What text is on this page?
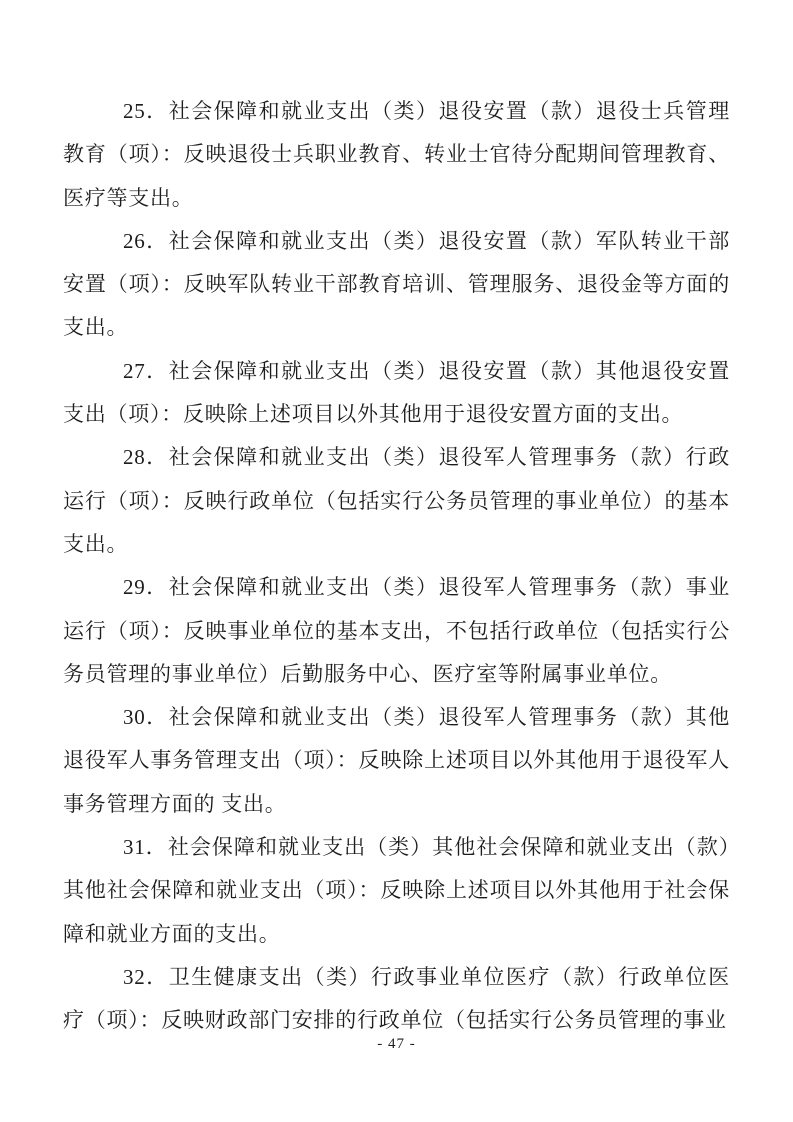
25．社会保障和就业支出（类）退役安置（款）退役士兵管理教育（项）：反映退役士兵职业教育、转业士官待分配期间管理教育、医疗等支出。

26．社会保障和就业支出（类）退役安置（款）军队转业干部安置（项）：反映军队转业干部教育培训、管理服务、退役金等方面的支出。

27．社会保障和就业支出（类）退役安置（款）其他退役安置支出（项）：反映除上述项目以外其他用于退役安置方面的支出。

28．社会保障和就业支出（类）退役军人管理事务（款）行政运行（项）：反映行政单位（包括实行公务员管理的事业单位）的基本支出。

29．社会保障和就业支出（类）退役军人管理事务（款）事业运行（项）：反映事业单位的基本支出，不包括行政单位（包括实行公务员管理的事业单位）后勤服务中心、医疗室等附属事业单位。

30．社会保障和就业支出（类）退役军人管理事务（款）其他退役军人事务管理支出（项）：反映除上述项目以外其他用于退役军人事务管理方面的 支出。

31．社会保障和就业支出（类）其他社会保障和就业支出（款）其他社会保障和就业支出（项）：反映除上述项目以外其他用于社会保障和就业方面的支出。

32．卫生健康支出（类）行政事业单位医疗（款）行政单位医疗（项）：反映财政部门安排的行政单位（包括实行公务员管理的事业

- 47 -
